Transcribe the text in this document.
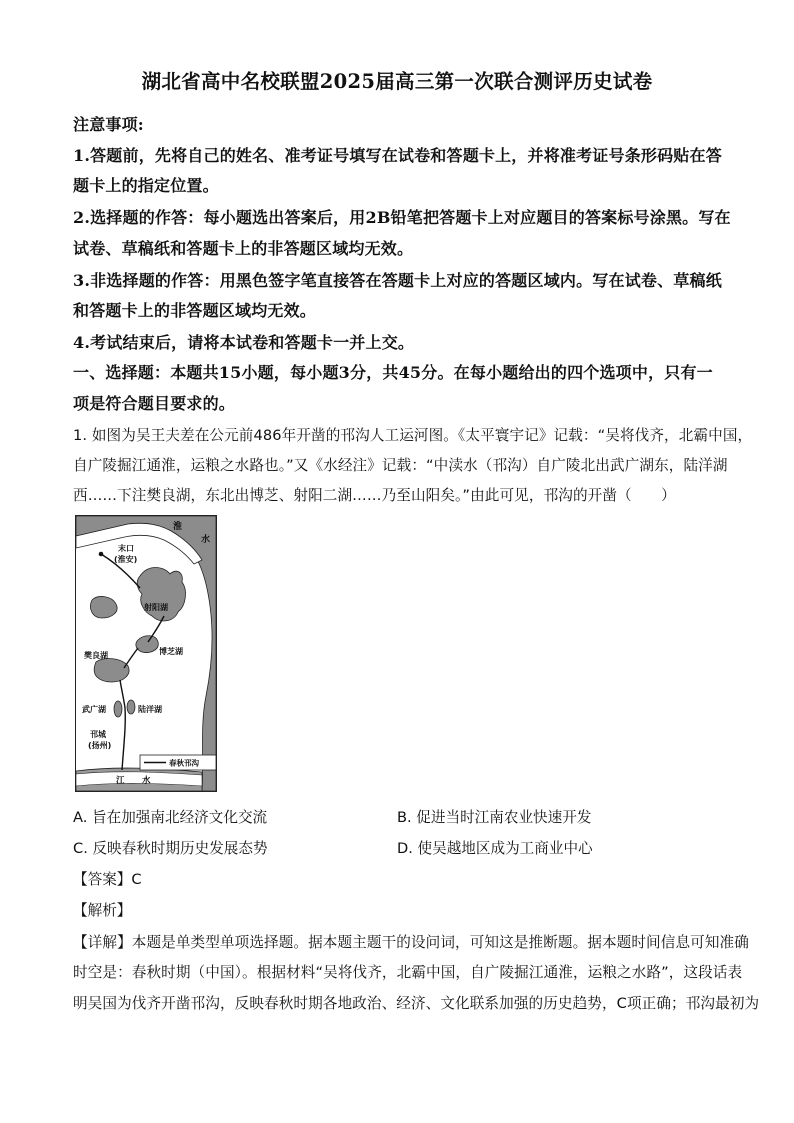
湖北省高中名校联盟2025届高三第一次联合测评历史试卷
注意事项:
1.答题前，先将自己的姓名、准考证号填写在试卷和答题卡上，并将准考证号条形码贴在答
题卡上的指定位置。
2.选择题的作答：每小题选出答案后，用2B铅笔把答题卡上对应题目的答案标号涂黑。写在
试卷、草稿纸和答题卡上的非答题区域均无效。
3.非选择题的作答：用黑色签字笔直接答在答题卡上对应的答题区域内。写在试卷、草稿纸
和答题卡上的非答题区域均无效。
4.考试结束后，请将本试卷和答题卡一并上交。
一、选择题：本题共15小题，每小题3分，共45分。在每小题给出的四个选项中，只有一
项是符合题目要求的。
1. 如图为吴王夫差在公元前486年开凿的邗沟人工运河图。《太平寰宇记》记载：“吴将伐齐，北霸中国，
自广陵掘江通淮，运粮之水路也。”又《水经注》记载：“中渎水（邗沟）自广陵北出武广湖东，陆洋湖
西……下注樊良湖，东北出博芝、射阳二湖……乃至山阳矣。”由此可见，邗沟的开凿（　　）
淮
水
末口
(淮安)
射阳湖
樊良湖	博芝湖
武广湖	陆洋湖
邗城
(扬州)
春秋邗沟
江 水
A. 旨在加强南北经济文化交流	B. 促进当时江南农业快速开发
C. 反映春秋时期历史发展态势	D. 使吴越地区成为工商业中心
【答案】C
【解析】
【详解】本题是单类型单项选择题。据本题主题干的设问词，可知这是推断题。据本题时间信息可知准确
时空是：春秋时期（中国）。根据材料“吴将伐齐，北霸中国，自广陵掘江通淮，运粮之水路”，这段话表
明吴国为伐齐开凿邗沟，反映春秋时期各地政治、经济、文化联系加强的历史趋势，C项正确；邗沟最初为
